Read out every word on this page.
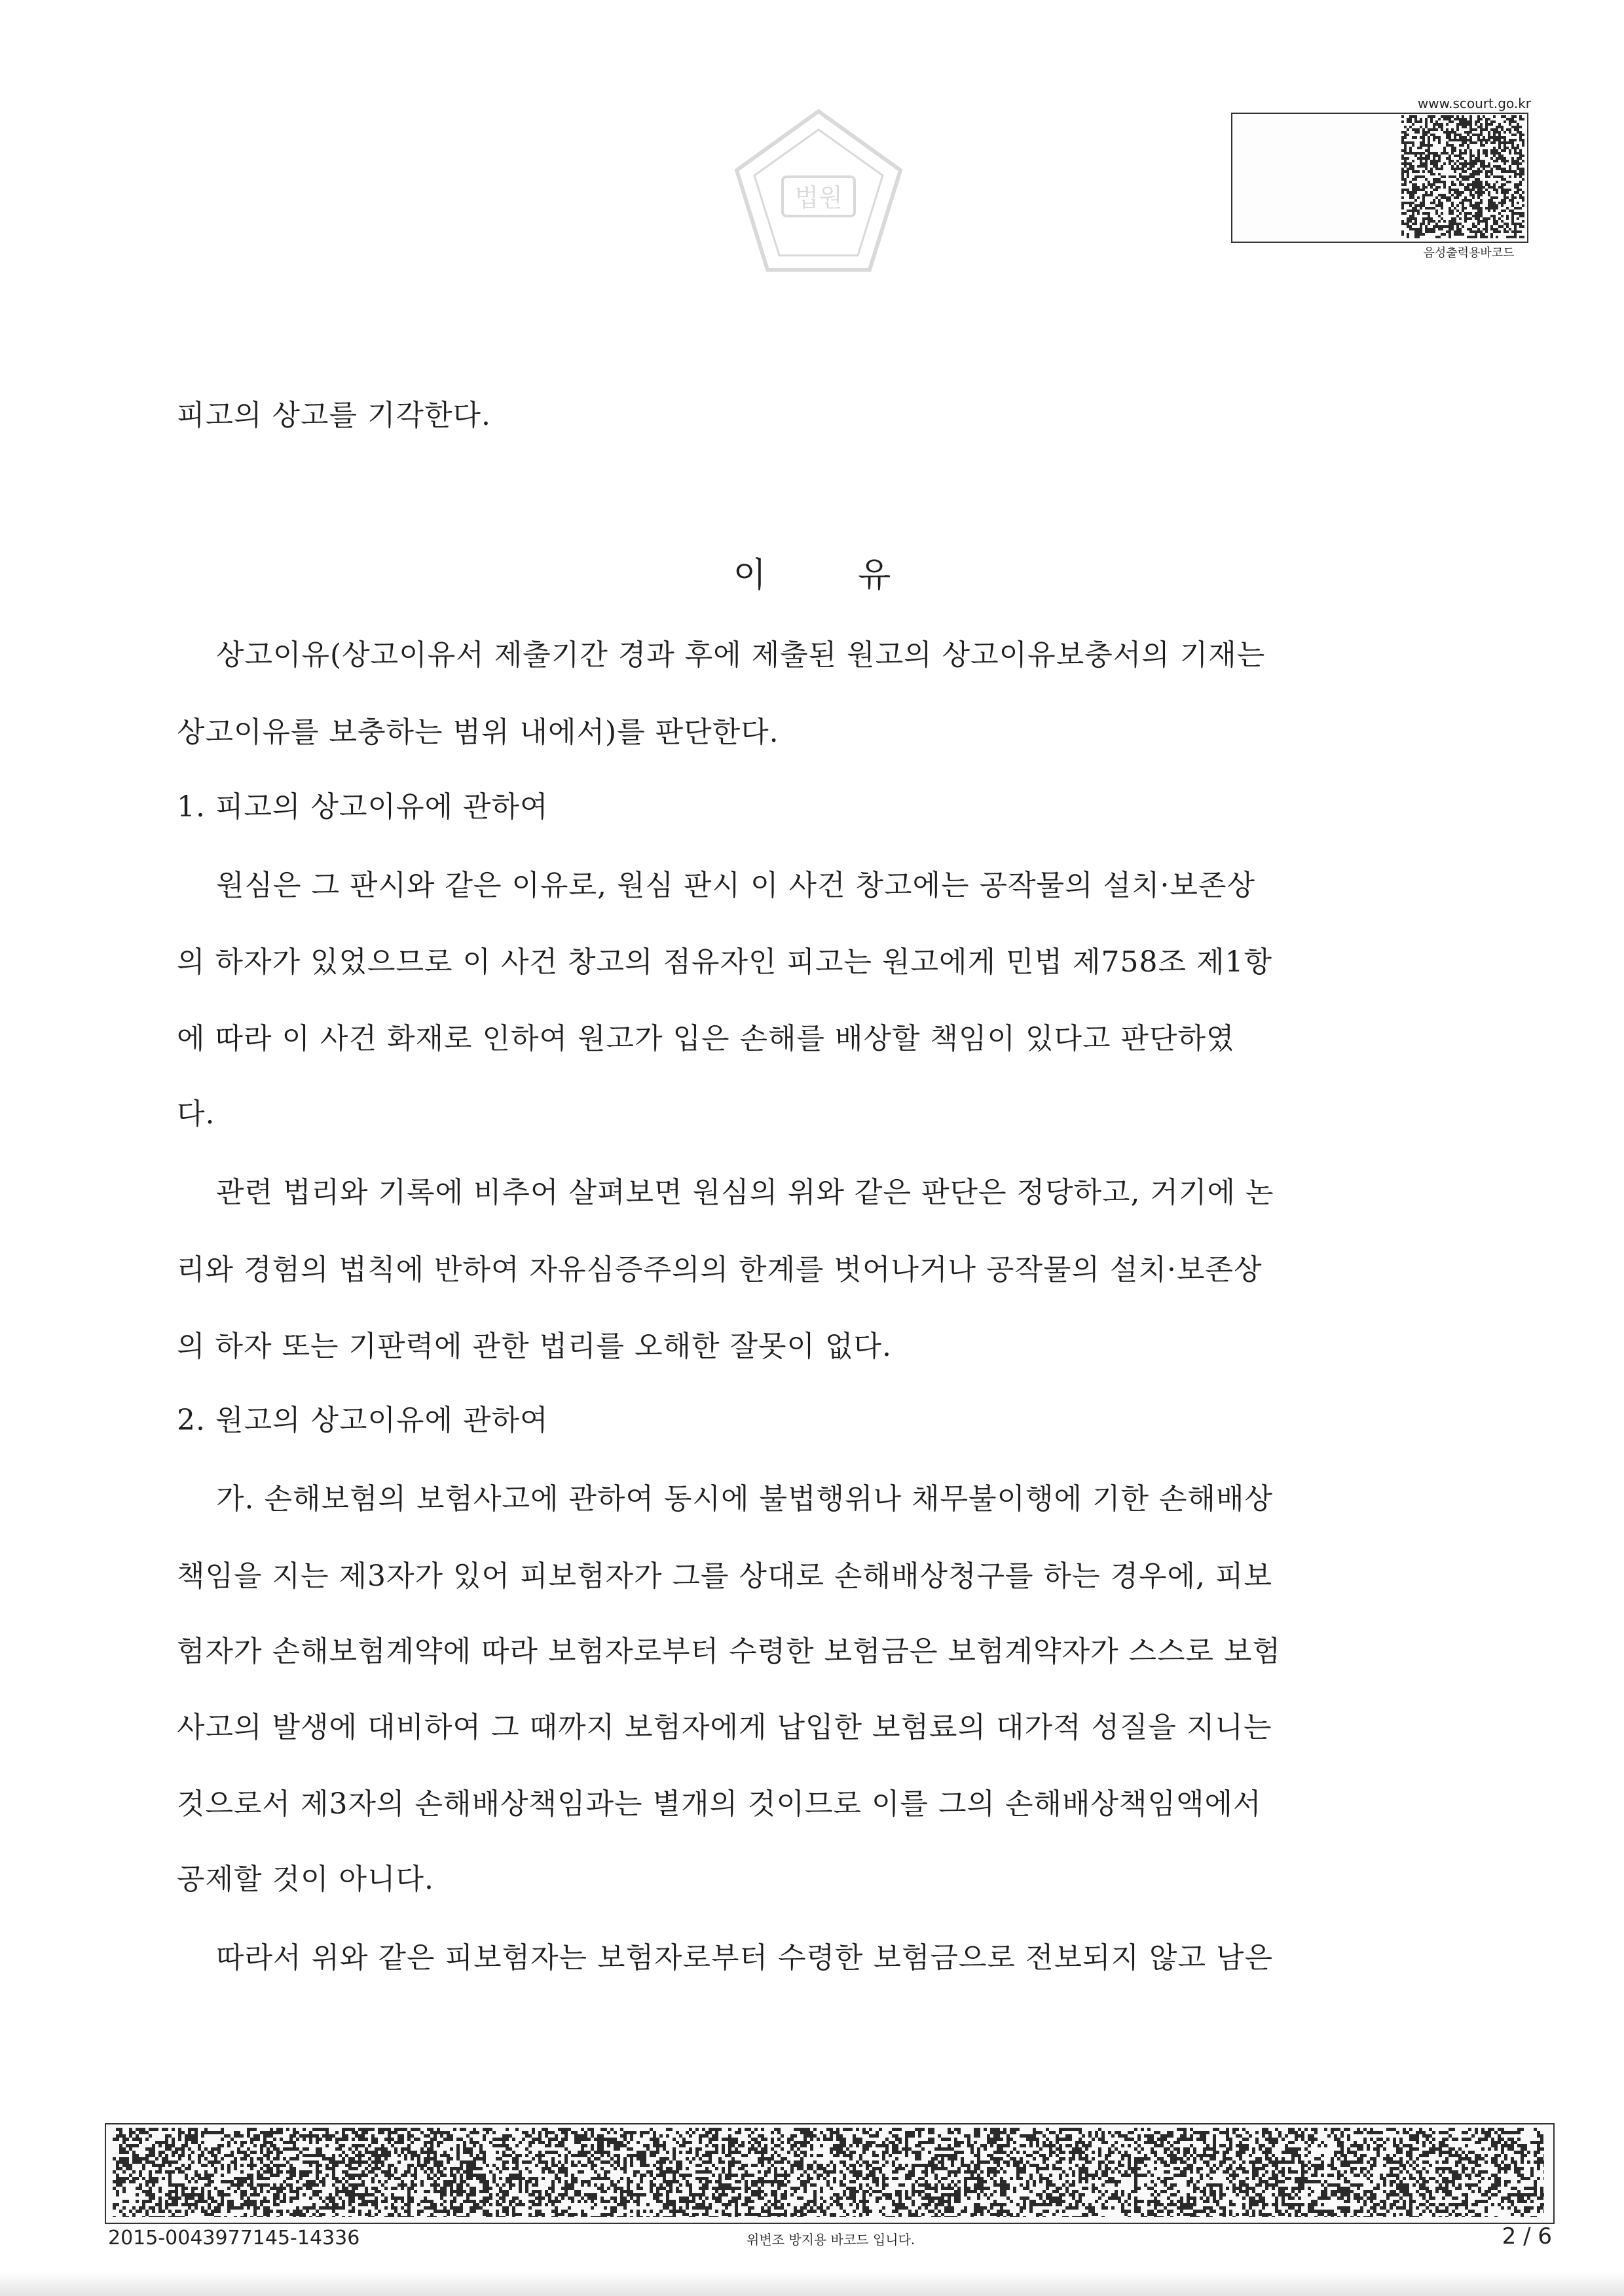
법원
www.scourt.go.kr
음성출력용바코드
피고의 상고를 기각한다.
이	유
상고이유(상고이유서 제출기간 경과 후에 제출된 원고의 상고이유보충서의 기재는
상고이유를 보충하는 범위 내에서)를 판단한다.
1. 피고의 상고이유에 관하여
원심은 그 판시와 같은 이유로, 원심 판시 이 사건 창고에는 공작물의 설치·보존상
의 하자가 있었으므로 이 사건 창고의 점유자인 피고는 원고에게 민법 제758조 제1항
에 따라 이 사건 화재로 인하여 원고가 입은 손해를 배상할 책임이 있다고 판단하였
다.
관련 법리와 기록에 비추어 살펴보면 원심의 위와 같은 판단은 정당하고, 거기에 논
리와 경험의 법칙에 반하여 자유심증주의의 한계를 벗어나거나 공작물의 설치·보존상
의 하자 또는 기판력에 관한 법리를 오해한 잘못이 없다.
2. 원고의 상고이유에 관하여
가. 손해보험의 보험사고에 관하여 동시에 불법행위나 채무불이행에 기한 손해배상
책임을 지는 제3자가 있어 피보험자가 그를 상대로 손해배상청구를 하는 경우에, 피보
험자가 손해보험계약에 따라 보험자로부터 수령한 보험금은 보험계약자가 스스로 보험
사고의 발생에 대비하여 그 때까지 보험자에게 납입한 보험료의 대가적 성질을 지니는
것으로서 제3자의 손해배상책임과는 별개의 것이므로 이를 그의 손해배상책임액에서
공제할 것이 아니다.
따라서 위와 같은 피보험자는 보험자로부터 수령한 보험금으로 전보되지 않고 남은
2015-0043977145-14336	위변조 방지용 바코드 입니다.	2 / 6
